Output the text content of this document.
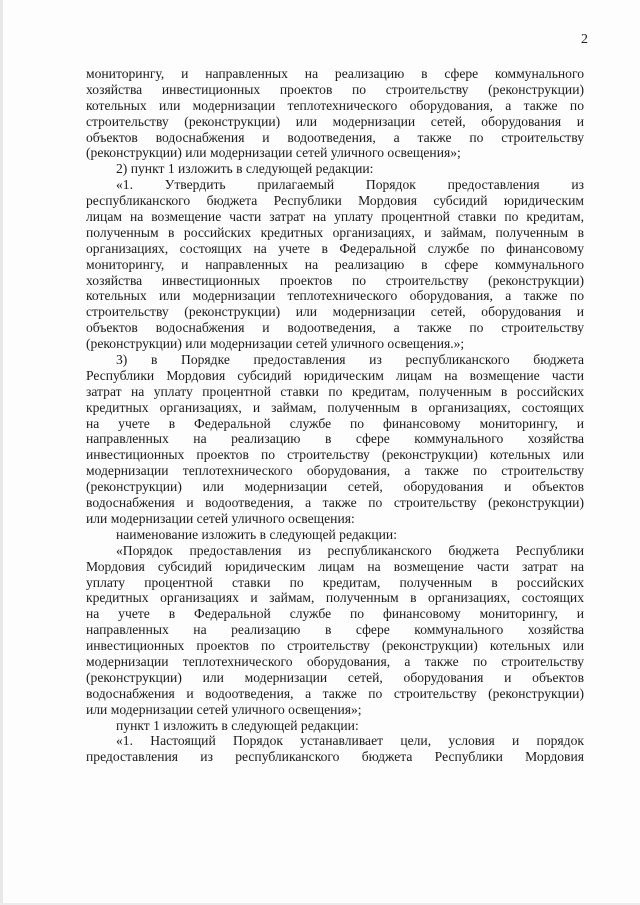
2
мониторингу, и направленных на реализацию в сфере коммунального
хозяйства инвестиционных проектов по строительству (реконструкции)
котельных или модернизации теплотехнического оборудования, а также по
строительству (реконструкции) или модернизации сетей, оборудования и
объектов водоснабжения и водоотведения, а также по строительству
(реконструкции) или модернизации сетей уличного освещения»;
2) пункт 1 изложить в следующей редакции:
«1. Утвердить прилагаемый Порядок предоставления из
республиканского бюджета Республики Мордовия субсидий юридическим
лицам на возмещение части затрат на уплату процентной ставки по кредитам,
полученным в российских кредитных организациях, и займам, полученным в
организациях, состоящих на учете в Федеральной службе по финансовому
мониторингу, и направленных на реализацию в сфере коммунального
хозяйства инвестиционных проектов по строительству (реконструкции)
котельных или модернизации теплотехнического оборудования, а также по
строительству (реконструкции) или модернизации сетей, оборудования и
объектов водоснабжения и водоотведения, а также по строительству
(реконструкции) или модернизации сетей уличного освещения.»;
3) в Порядке предоставления из республиканского бюджета
Республики Мордовия субсидий юридическим лицам на возмещение части
затрат на уплату процентной ставки по кредитам, полученным в российских
кредитных организациях, и займам, полученным в организациях, состоящих
на учете в Федеральной службе по финансовому мониторингу, и
направленных на реализацию в сфере коммунального хозяйства
инвестиционных проектов по строительству (реконструкции) котельных или
модернизации теплотехнического оборудования, а также по строительству
(реконструкции) или модернизации сетей, оборудования и объектов
водоснабжения и водоотведения, а также по строительству (реконструкции)
или модернизации сетей уличного освещения:
наименование изложить в следующей редакции:
«Порядок предоставления из республиканского бюджета Республики
Мордовия субсидий юридическим лицам на возмещение части затрат на
уплату процентной ставки по кредитам, полученным в российских
кредитных организациях и займам, полученным в организациях, состоящих
на учете в Федеральной службе по финансовому мониторингу, и
направленных на реализацию в сфере коммунального хозяйства
инвестиционных проектов по строительству (реконструкции) котельных или
модернизации теплотехнического оборудования, а также по строительству
(реконструкции) или модернизации сетей, оборудования и объектов
водоснабжения и водоотведения, а также по строительству (реконструкции)
или модернизации сетей уличного освещения»;
пункт 1 изложить в следующей редакции:
«1. Настоящий Порядок устанавливает цели, условия и порядок
предоставления из республиканского бюджета Республики Мордовия
